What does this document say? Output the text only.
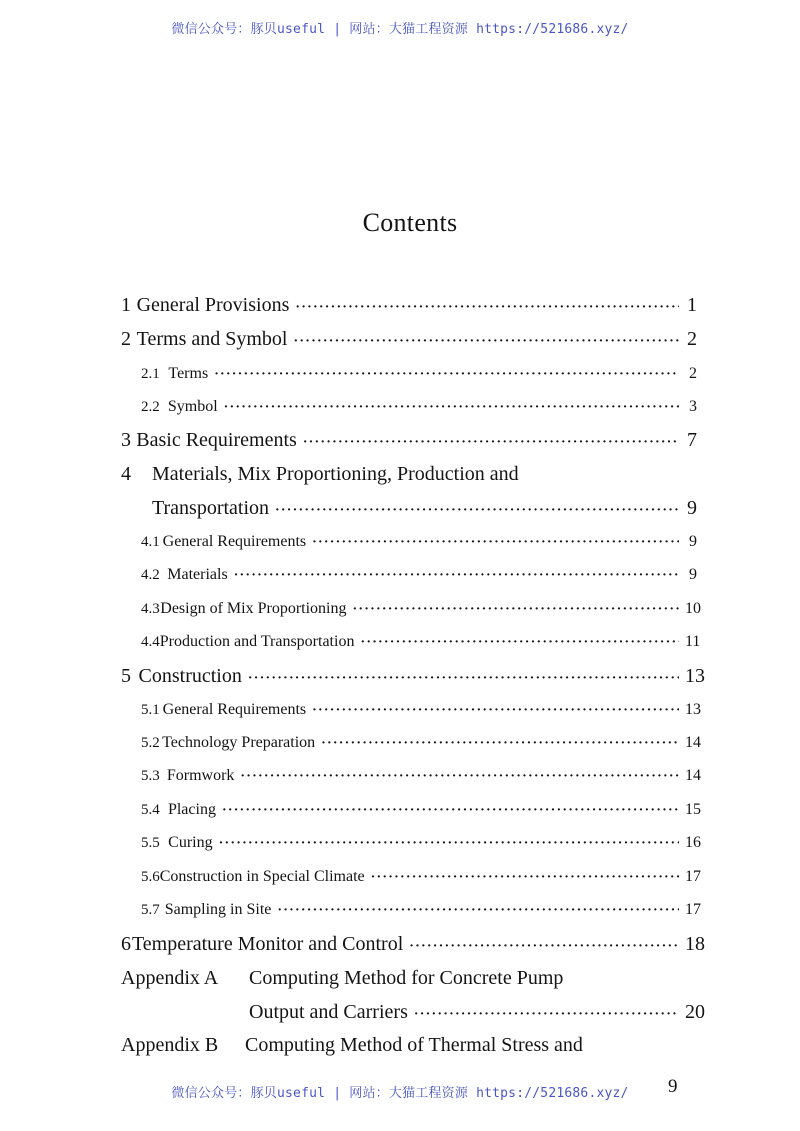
微信公众号：豚贝useful | 网站：大猫工程资源 https://521686.xyz/
Contents
1 General Provisions ·····	1
2 Terms and Symbol ·····	2
2.1 Terms ·····	2
2.2 Symbol ·····	3
3 Basic Requirements ·····	7
4	Materials, Mix Proportioning, Production and
Transportation ·····	9
4.1 General Requirements ·····	9
4.2 Materials ·····	9
4.3 Design of Mix Proportioning ·····	10
4.4 Production and Transportation ·····	11
5 Construction ·····	13
5.1 General Requirements ·····	13
5.2 Technology Preparation ·····	14
5.3 Formwork ·····	14
5.4 Placing ·····	15
5.5 Curing ·····	16
5.6 Construction in Special Climate ·····	17
5.7 Sampling in Site ·····	17
6 Temperature Monitor and Control ·····	18
Appendix A	Computing Method for Concrete Pump
Output and Carriers ·····	20
Appendix B	Computing Method of Thermal Stress and
微信公众号：豚贝useful | 网站：大猫工程资源 https://521686.xyz/	9
